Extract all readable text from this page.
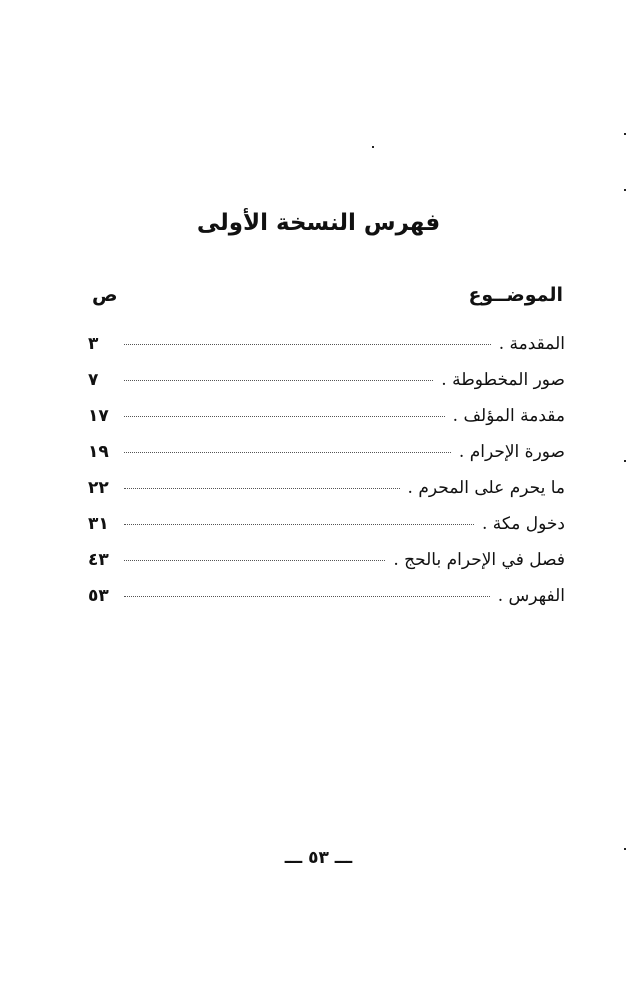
فهرس النسخة الأولى
الموضــوع
ص
المقدمة .
٣
صور المخطوطة .
٧
مقدمة المؤلف .
١٧
صورة الإحرام .
١٩
ما يحرم على المحرم .
٢٢
دخول مكة .
٣١
فصل في الإحرام بالحج .
٤٣
الفهرس .
٥٣
ـــ ٥٣ ـــ
